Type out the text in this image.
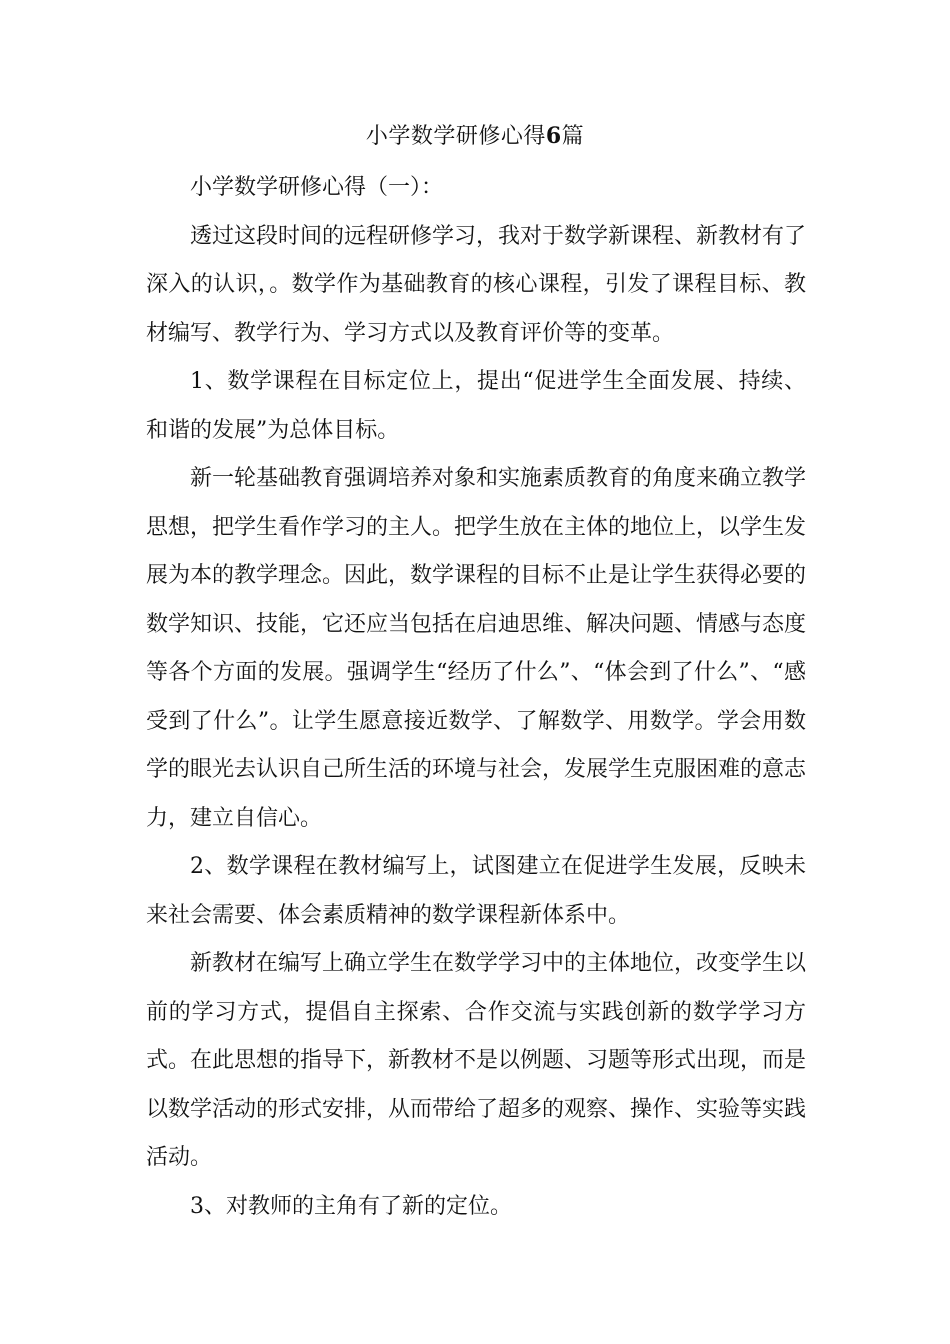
小学数学研修心得6篇

小学数学研修心得（一）：

透过这段时间的远程研修学习，我对于数学新课程、新教材有了深入的认识，。数学作为基础教育的核心课程，引发了课程目标、教材编写、教学行为、学习方式以及教育评价等的变革。

1、数学课程在目标定位上，提出“促进学生全面发展、持续、和谐的发展”为总体目标。

新一轮基础教育强调培养对象和实施素质教育的角度来确立教学思想，把学生看作学习的主人。把学生放在主体的地位上，以学生发展为本的教学理念。因此，数学课程的目标不止是让学生获得必要的数学知识、技能，它还应当包括在启迪思维、解决问题、情感与态度等各个方面的发展。强调学生“经历了什么”、“体会到了什么”、“感受到了什么”。让学生愿意接近数学、了解数学、用数学。学会用数学的眼光去认识自己所生活的环境与社会，发展学生克服困难的意志力，建立自信心。

2、数学课程在教材编写上，试图建立在促进学生发展，反映未来社会需要、体会素质精神的数学课程新体系中。

新教材在编写上确立学生在数学学习中的主体地位，改变学生以前的学习方式，提倡自主探索、合作交流与实践创新的数学学习方式。在此思想的指导下，新教材不是以例题、习题等形式出现，而是以数学活动的形式安排，从而带给了超多的观察、操作、实验等实践活动。

3、对教师的主角有了新的定位。
